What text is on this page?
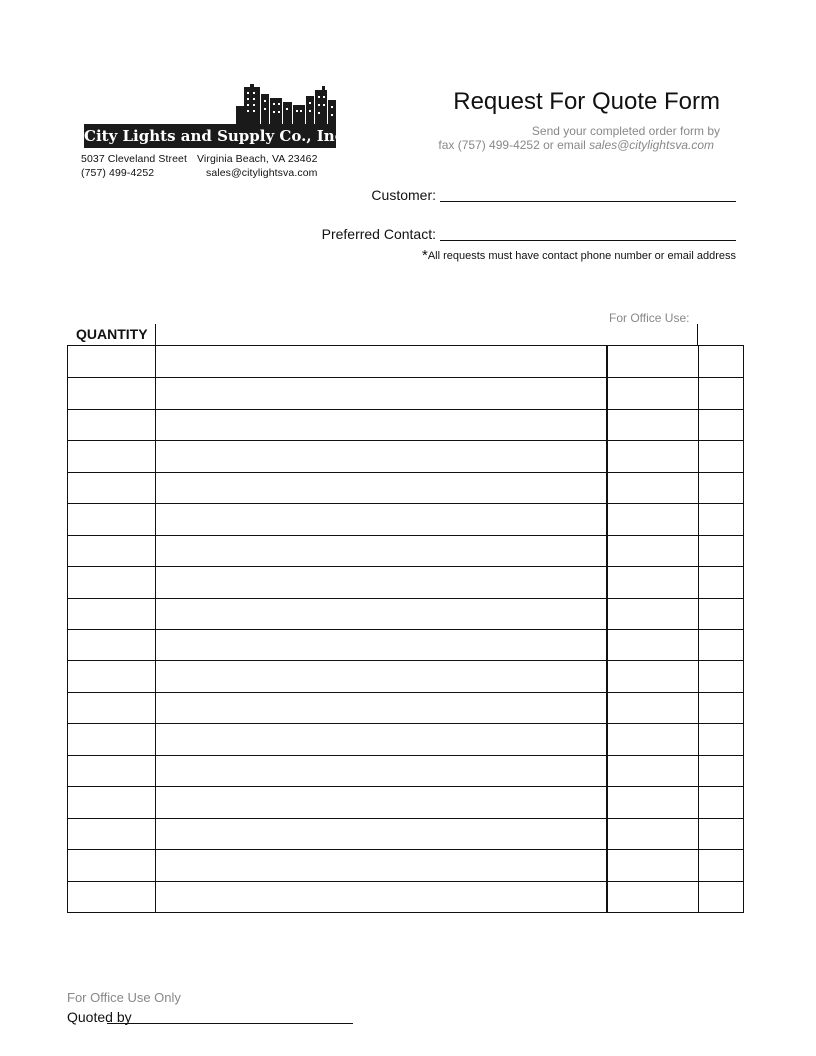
City Lights and Supply Co., Inc.
5037 Cleveland Street Virginia Beach, VA 23462
(757) 499-4252	sales@citylightsva.com
Request For Quote Form
Send your completed order form by
fax (757) 499-4252 or email sales@citylightsva.com
Customer:
Preferred Contact:
*All requests must have contact phone number or email address
For Office Use:
QUANTITY
For Office Use Only
Quoted by
